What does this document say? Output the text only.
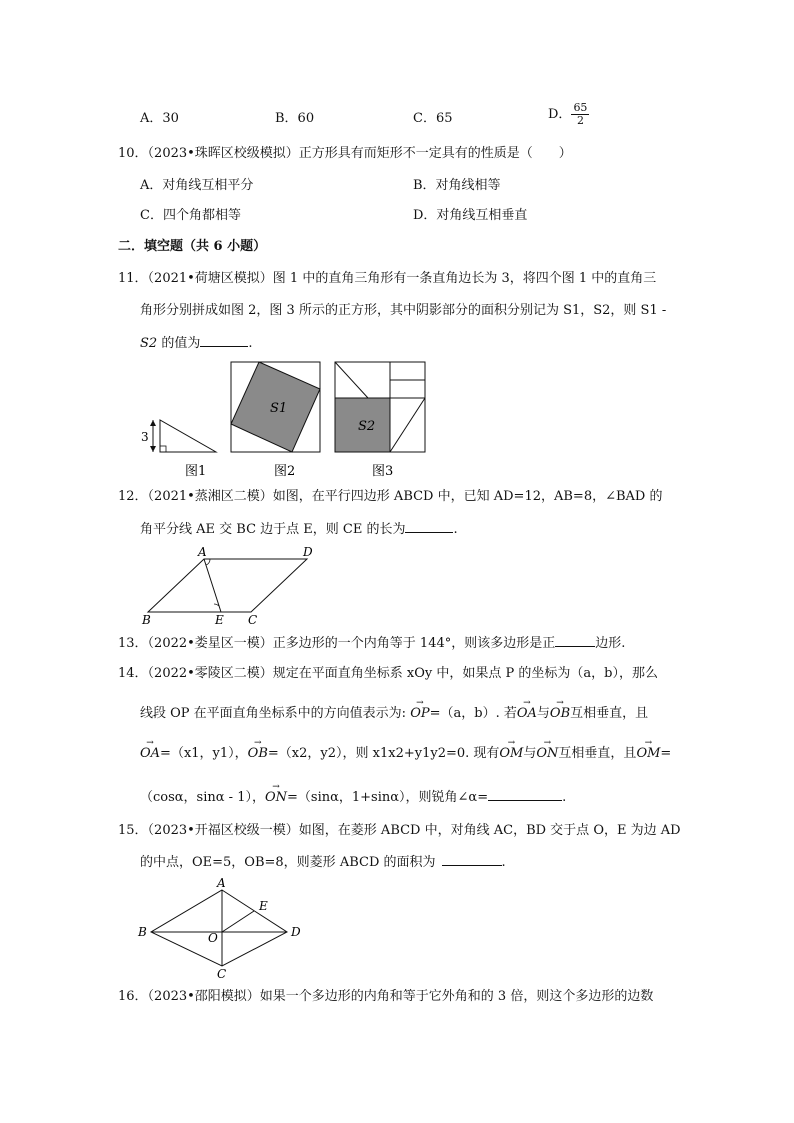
A．30	B．60	C．65	D． $\frac{65}{2}$
10．（2023•珠晖区校级模拟）正方形具有而矩形不一定具有的性质是（　　）
A．对角线互相平分	B．对角线相等
C．四个角都相等	D．对角线互相垂直
二．填空题（共 6 小题）
11．（2021•荷塘区模拟）图 1 中的直角三角形有一条直角边长为 3，将四个图 1 中的直角三
角形分别拼成如图 2，图 3 所示的正方形，其中阴影部分的面积分别记为 S1，S2，则 S1 -
S2 的值为	.
3
图1
S1
图2
S2
图3
12．（2021•蒸湘区二模）如图，在平行四边形 ABCD 中，已知 AD=12，AB=8，∠BAD 的
角平分线 AE 交 BC 边于点 E，则 CE 的长为	.
A	D
B	E C
13．（2022•娄星区一模）正多边形的一个内角等于 144°，则该多边形是正	边形.
14．（2022•零陵区二模）规定在平面直角坐标系 xOy 中，如果点 P 的坐标为（a，b），那么
线段 OP 在平面直角坐标系中的方向值表示为: → OP=（a，b）. 若→ OA与→ OB互相垂直，且
→ OA=（x1，y1），→ OB=（x2，y2），则 x1x2+y1y2=0. 现有→ OM与→ ON互相垂直，且→ OM=
（cosα，sinα - 1），→ ON=（sinα，1+sinα），则锐角∠α=	.
15．（2023•开福区校级一模）如图，在菱形 ABCD 中，对角线 AC，BD 交于点 O，E 为边 AD
的中点，OE=5，OB=8，则菱形 ABCD 的面积为	.
A
E
B	O	D
C
16．（2023•邵阳模拟）如果一个多边形的内角和等于它外角和的 3 倍，则这个多边形的边数
